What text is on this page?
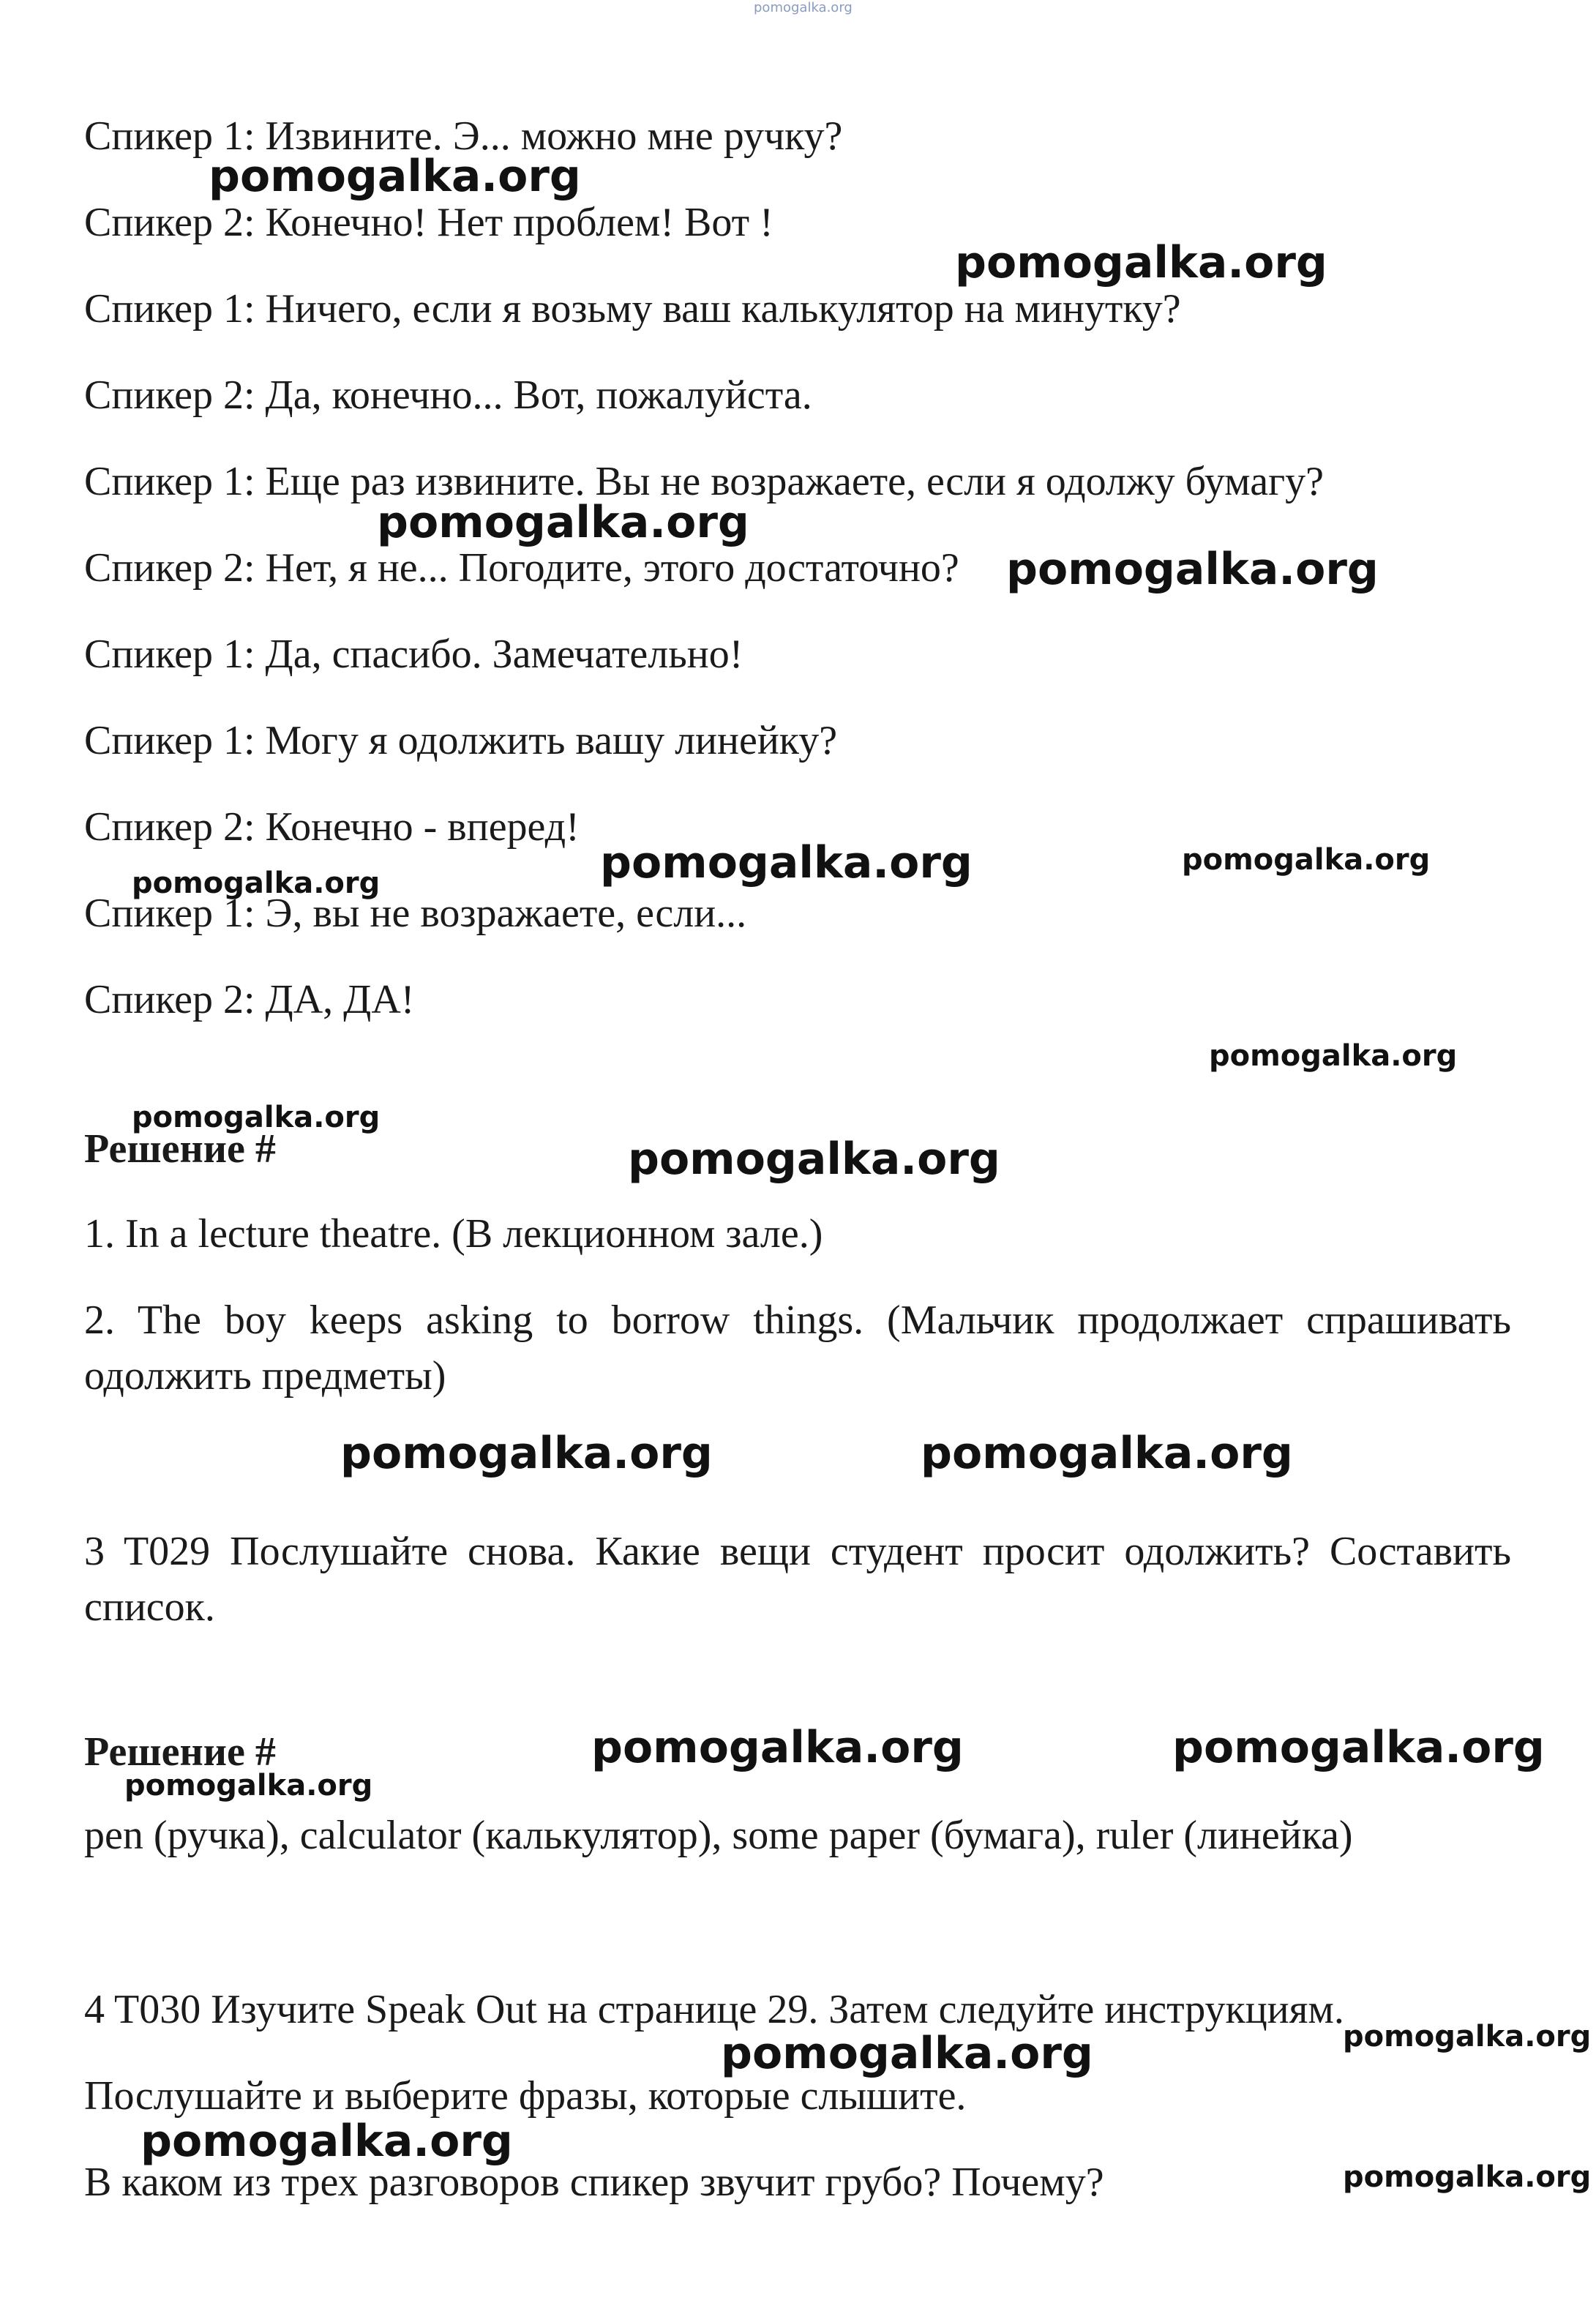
pomogalka.org

Спикер 1: Извините. Э... можно мне ручку?

Спикер 2: Конечно! Нет проблем! Вот !

Спикер 1: Ничего, если я возьму ваш калькулятор на минутку?

Спикер 2: Да, конечно... Вот, пожалуйста.

Спикер 1: Еще раз извините. Вы не возражаете, если я одолжу бумагу?

Спикер 2: Нет, я не... Погодите, этого достаточно?

Спикер 1: Да, спасибо. Замечательно!

Спикер 1: Могу я одолжить вашу линейку?

Спикер 2: Конечно - вперед!

Спикер 1: Э, вы не возражаете, если...

Спикер 2: ДА, ДА!

Решение #

1. In a lecture theatre. (В лекционном зале.)

2. The boy keeps asking to borrow things. (Мальчик продолжает спрашивать одолжить предметы)

3 T029 Послушайте снова. Какие вещи студент просит одолжить? Составить список.

Решение #

pen (ручка), calculator (калькулятор), some paper (бумага), ruler (линейка)

4 T030 Изучите Speak Out на странице 29. Затем следуйте инструкциям.

Послушайте и выберите фразы, которые слышите.

В каком из трех разговоров спикер звучит грубо? Почему?

pomogalka.org

pomogalka.org

pomogalka.org

pomogalka.org

pomogalka.org

pomogalka.org

pomogalka.org	pomogalka.org

pomogalka.org	pomogalka.org

pomogalka.org

pomogalka.org

pomogalka.org

pomogalka.org

pomogalka.org

pomogalka.org

pomogalka.org

pomogalka.org

pomogalka.org
